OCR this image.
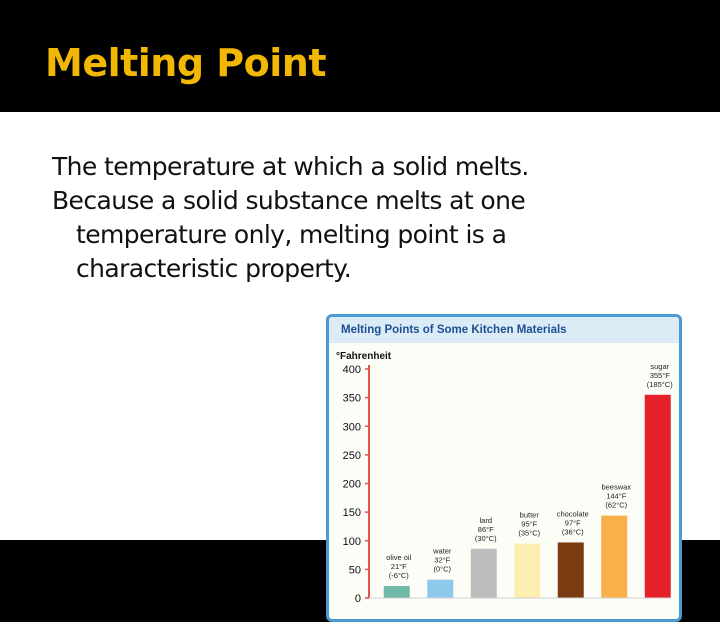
Melting Point

The temperature at which a solid melts.

Because a solid substance melts at one

temperature only, melting point is a

characteristic property.

Melting Points of Some Kitchen Materials
°Fahrenheit
0
50
100
150
200
250
300
350
400
olive oil
21°F
(-6°C)
water
32°F
(0°C)
lard
86°F
(30°C)
butter
95°F
(35°C)
chocolate
97°F
(36°C)
beeswax
144°F
(62°C)
sugar
355°F
(185°C)
